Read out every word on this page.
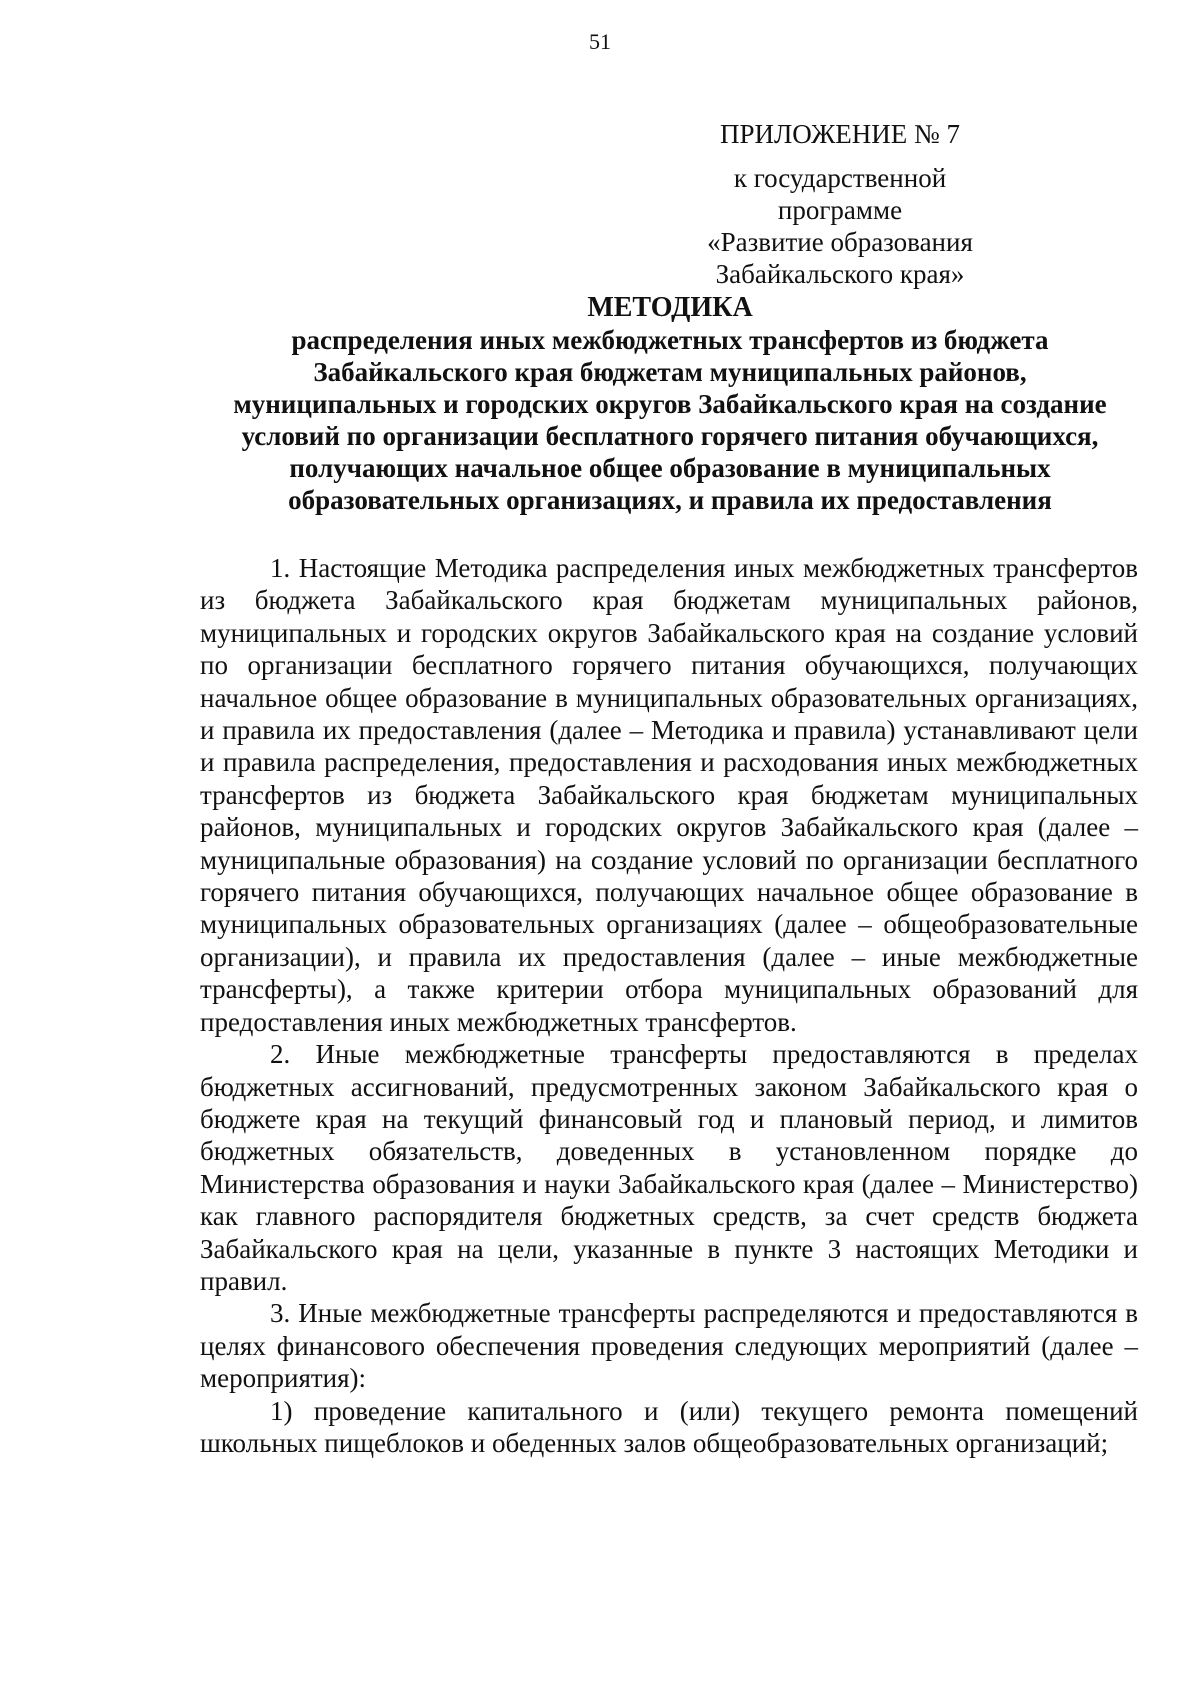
51
ПРИЛОЖЕНИЕ № 7
к государственной программе
«Развитие образования
Забайкальского края»
МЕТОДИКА
распределения иных межбюджетных трансфертов из бюджета
Забайкальского края бюджетам муниципальных районов,
муниципальных и городских округов Забайкальского края на создание
условий по организации бесплатного горячего питания обучающихся,
получающих начальное общее образование в муниципальных
образовательных организациях, и правила их предоставления

1. Настоящие Методика распределения иных межбюджетных трансфертов из бюджета Забайкальского края бюджетам муниципальных районов, муниципальных и городских округов Забайкальского края на создание условий по организации бесплатного горячего питания обучающихся, получающих начальное общее образование в муниципальных образовательных организациях, и правила их предоставления (далее – Методика и правила) устанавливают цели и правила распределения, предоставления и расходования иных межбюджетных трансфертов из бюджета Забайкальского края бюджетам муниципальных районов, муниципальных и городских округов Забайкальского края (далее – муниципальные образования) на создание условий по организации бесплатного горячего питания обучающихся, получающих начальное общее образование в муниципальных образовательных организациях (далее – общеобразовательные организации), и правила их предоставления (далее – иные межбюджетные трансферты), а также критерии отбора муниципальных образований для предоставления иных межбюджетных трансфертов.

2. Иные межбюджетные трансферты предоставляются в пределах бюджетных ассигнований, предусмотренных законом Забайкальского края о бюджете края на текущий финансовый год и плановый период, и лимитов бюджетных обязательств, доведенных в установленном порядке до Министерства образования и науки Забайкальского края (далее – Министерство) как главного распорядителя бюджетных средств, за счет средств бюджета Забайкальского края на цели, указанные в пункте 3 настоящих Методики и правил.

3. Иные межбюджетные трансферты распределяются и предоставляются в целях финансового обеспечения проведения следующих мероприятий (далее – мероприятия):

1) проведение капитального и (или) текущего ремонта помещений школьных пищеблоков и обеденных залов общеобразовательных организаций;
